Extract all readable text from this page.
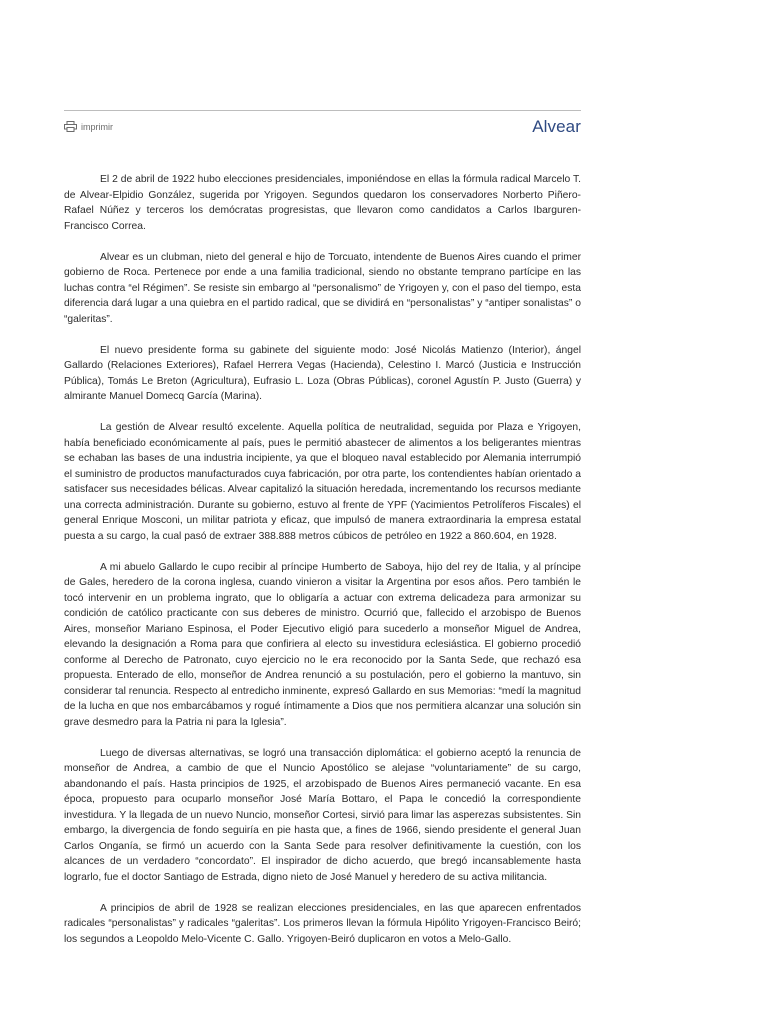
imprimir	Alvear

El 2 de abril de 1922 hubo elecciones presidenciales, imponiéndose en ellas la fórmula radical Marcelo T. de Alvear-Elpidio González, sugerida por Yrigoyen. Segundos quedaron los conservadores Norberto Piñero-Rafael Núñez y terceros los demócratas progresistas, que llevaron como candidatos a Carlos Ibarguren-Francisco Correa.

Alvear es un clubman, nieto del general e hijo de Torcuato, intendente de Buenos Aires cuando el primer gobierno de Roca. Pertenece por ende a una familia tradicional, siendo no obstante temprano partícipe en las luchas contra “el Régimen”. Se resiste sin embargo al “personalismo” de Yrigoyen y, con el paso del tiempo, esta diferencia dará lugar a una quiebra en el partido radical, que se dividirá en “personalistas” y “antiper sonalistas” o “galeritas”.

El nuevo presidente forma su gabinete del siguiente modo: José Nicolás Matienzo (Interior), ángel Gallardo (Relaciones Exteriores), Rafael Herrera Vegas (Hacienda), Celestino I. Marcó (Justicia e Instrucción Pública), Tomás Le Breton (Agricultura), Eufrasio L. Loza (Obras Públicas), coronel Agustín P. Justo (Guerra) y almirante Manuel Domecq García (Marina).

La gestión de Alvear resultó excelente. Aquella política de neutralidad, seguida por Plaza e Yrigoyen, había beneficiado económicamente al país, pues le permitió abastecer de alimentos a los beligerantes mientras se echaban las bases de una industria incipiente, ya que el bloqueo naval establecido por Alemania interrumpió el suministro de productos manufacturados cuya fabricación, por otra parte, los contendientes habían orientado a satisfacer sus necesidades bélicas. Alvear capitalizó la situación heredada, incrementando los recursos mediante una correcta administración. Durante su gobierno, estuvo al frente de YPF (Yacimientos Petrolíferos Fiscales) el general Enrique Mosconi, un militar patriota y eficaz, que impulsó de manera extraordinaria la empresa estatal puesta a su cargo, la cual pasó de extraer 388.888 metros cúbicos de petróleo en 1922 a 860.604, en 1928.

A mi abuelo Gallardo le cupo recibir al príncipe Humberto de Saboya, hijo del rey de Italia, y al príncipe de Gales, heredero de la corona inglesa, cuando vinieron a visitar la Argentina por esos años. Pero también le tocó intervenir en un problema ingrato, que lo obligaría a actuar con extrema delicadeza para armonizar su condición de católico practicante con sus deberes de ministro. Ocurrió que, fallecido el arzobispo de Buenos Aires, monseñor Mariano Espinosa, el Poder Ejecutivo eligió para sucederlo a monseñor Miguel de Andrea, elevando la designación a Roma para que confiriera al electo su investidura eclesiástica. El gobierno procedió conforme al Derecho de Patronato, cuyo ejercicio no le era reconocido por la Santa Sede, que rechazó esa propuesta. Enterado de ello, monseñor de Andrea renunció a su postulación, pero el gobierno la mantuvo, sin considerar tal renuncia. Respecto al entredicho inminente, expresó Gallardo en sus Memorias: “medí la magnitud de la lucha en que nos embarcábamos y rogué íntimamente a Dios que nos permitiera alcanzar una solución sin grave desmedro para la Patria ni para la Iglesia”.

Luego de diversas alternativas, se logró una transacción diplomática: el gobierno aceptó la renuncia de monseñor de Andrea, a cambio de que el Nuncio Apostólico se alejase “voluntariamente” de su cargo, abandonando el país. Hasta principios de 1925, el arzobispado de Buenos Aires permaneció vacante. En esa época, propuesto para ocuparlo monseñor José María Bottaro, el Papa le concedió la correspondiente investidura. Y la llegada de un nuevo Nuncio, monseñor Cortesi, sirvió para limar las asperezas subsistentes. Sin embargo, la divergencia de fondo seguiría en pie hasta que, a fines de 1966, siendo presidente el general Juan Carlos Onganía, se firmó un acuerdo con la Santa Sede para resolver definitivamente la cuestión, con los alcances de un verdadero “concordato”. El inspirador de dicho acuerdo, que bregó incansablemente hasta lograrlo, fue el doctor Santiago de Estrada, digno nieto de José Manuel y heredero de su activa militancia.

A principios de abril de 1928 se realizan elecciones presidenciales, en las que aparecen enfrentados radicales “personalistas” y radicales “galeritas”. Los primeros llevan la fórmula Hipólito Yrigoyen-Francisco Beiró; los segundos a Leopoldo Melo-Vicente C. Gallo. Yrigoyen-Beiró duplicaron en votos a Melo-Gallo.
